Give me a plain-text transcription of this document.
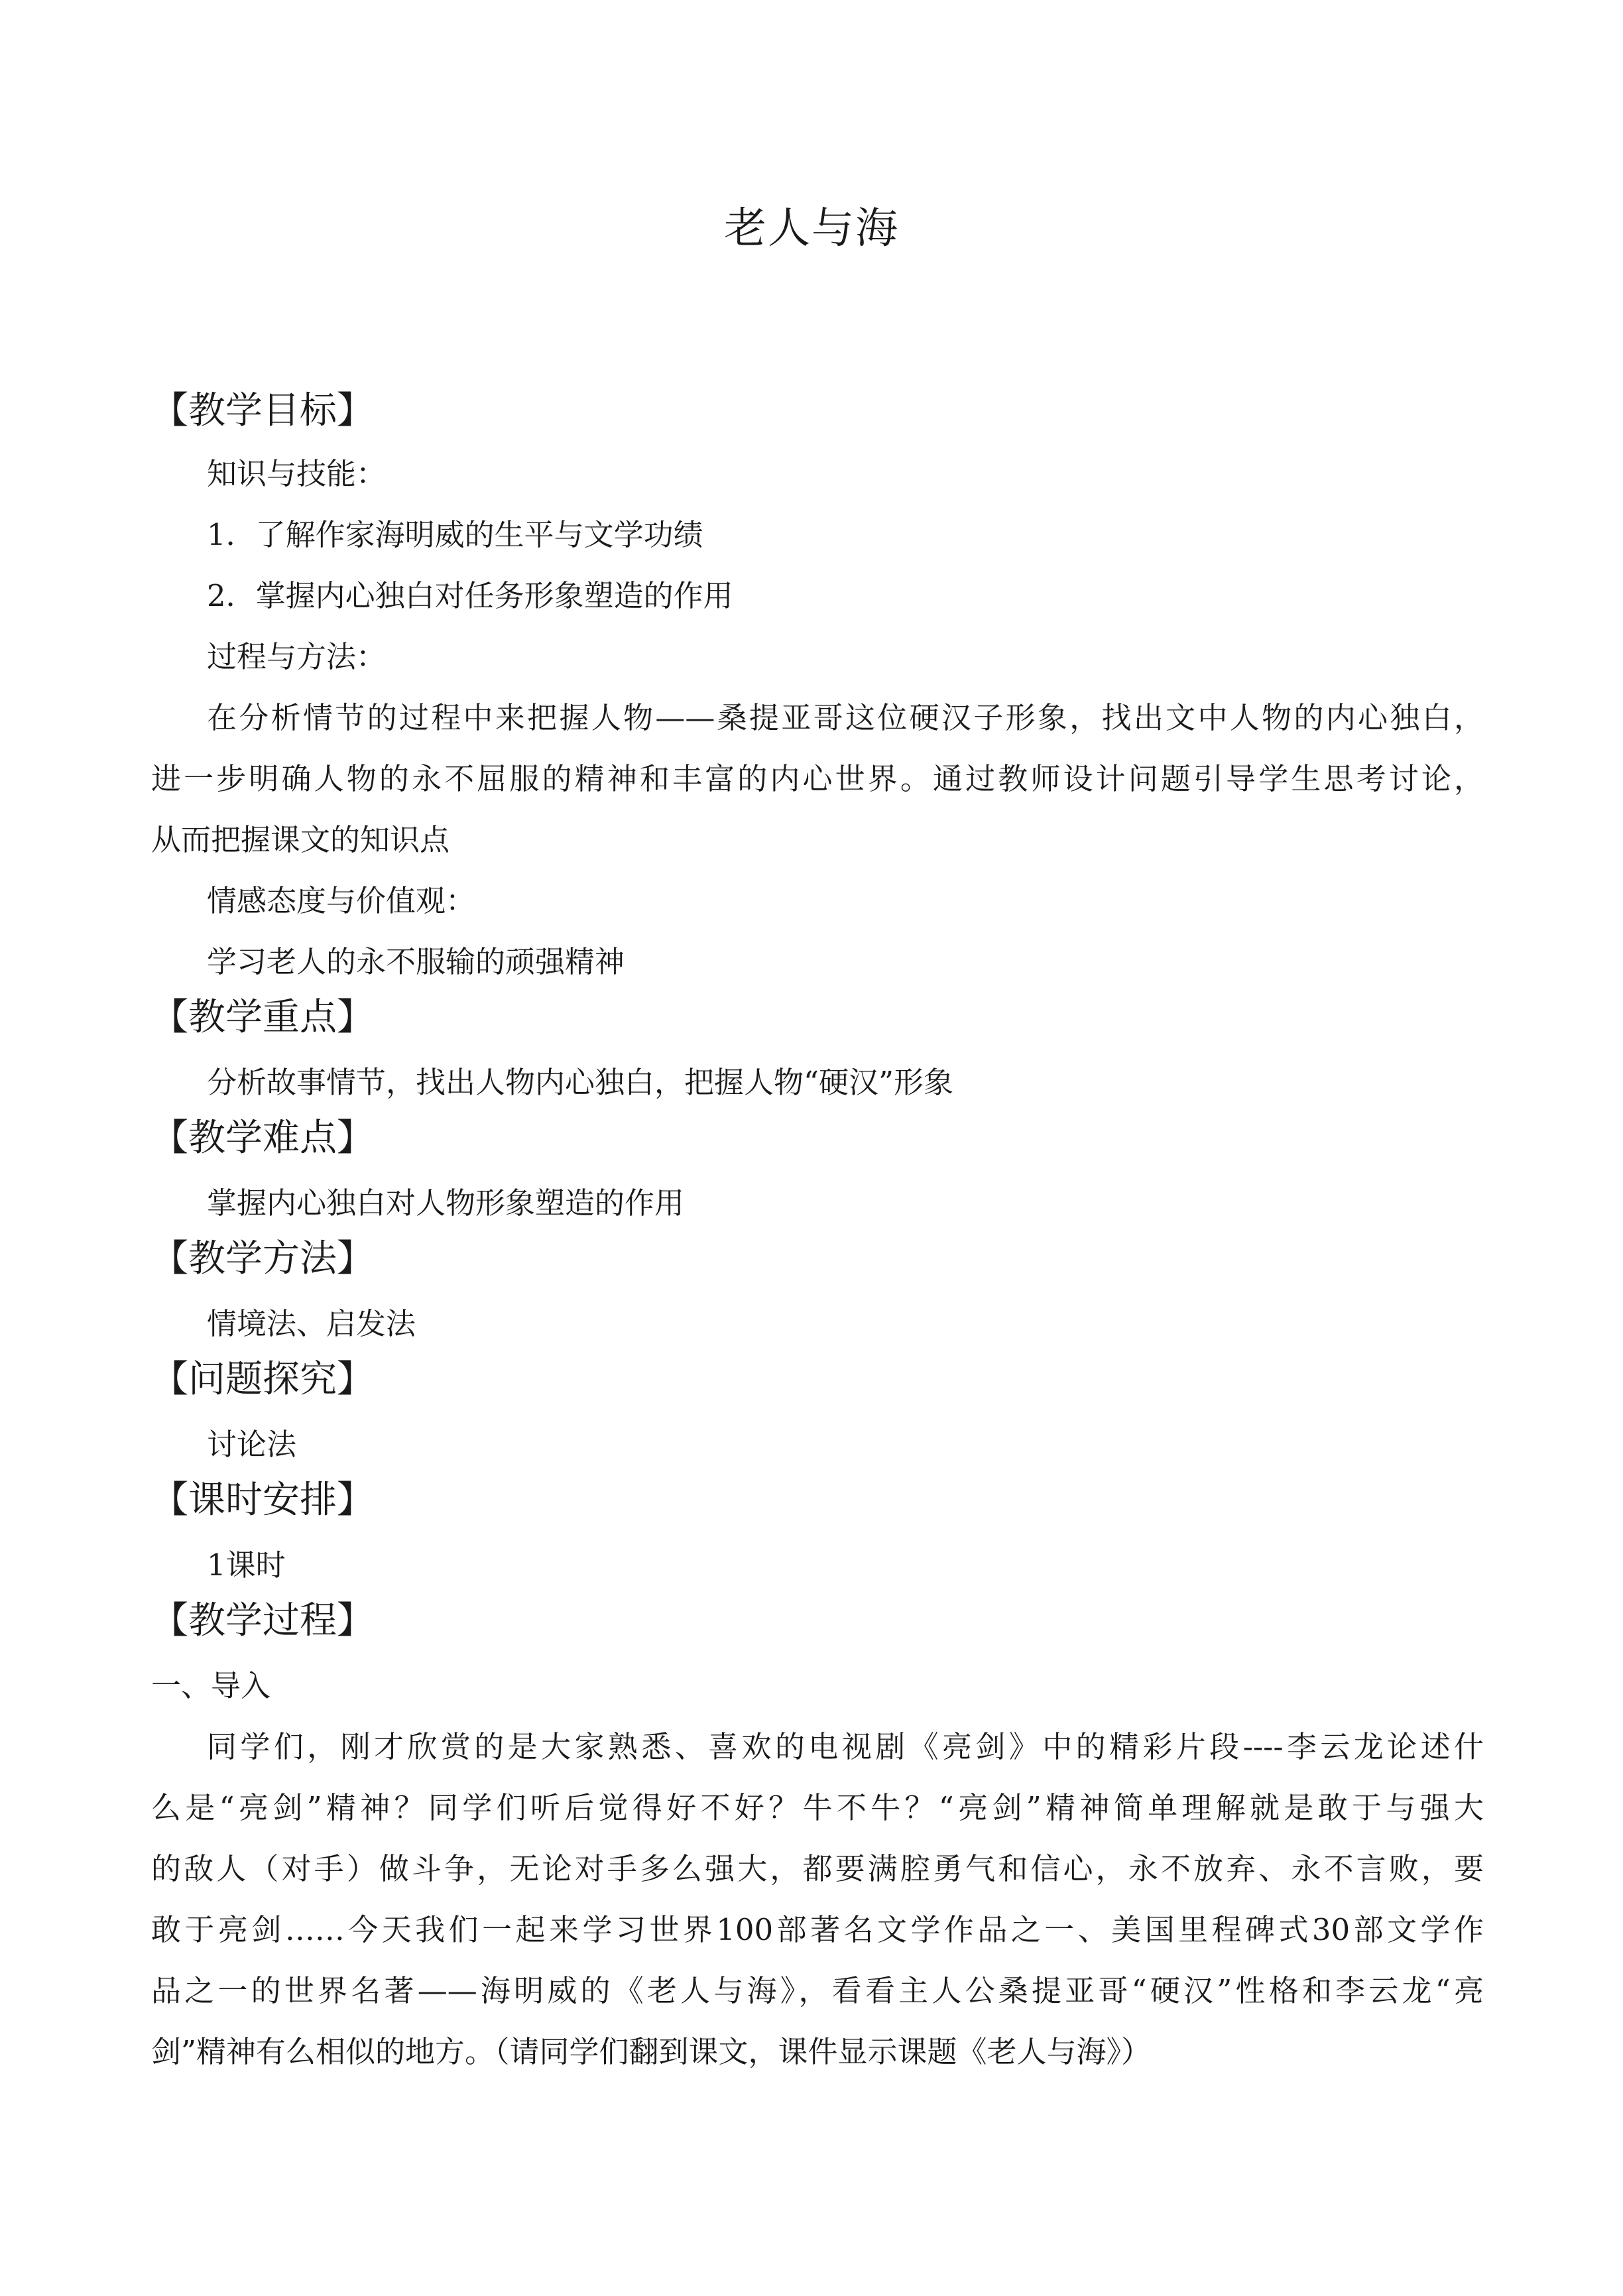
老人与海
【教学目标】
知识与技能：
1．了解作家海明威的生平与文学功绩
2．掌握内心独白对任务形象塑造的作用
过程与方法：
在分析情节的过程中来把握人物——桑提亚哥这位硬汉子形象，找出文中人物的内心独白，
进一步明确人物的永不屈服的精神和丰富的内心世界。通过教师设计问题引导学生思考讨论，
从而把握课文的知识点
情感态度与价值观：
学习老人的永不服输的顽强精神
【教学重点】
分析故事情节，找出人物内心独白，把握人物“硬汉”形象
【教学难点】
掌握内心独白对人物形象塑造的作用
【教学方法】
情境法、启发法
【问题探究】
讨论法
【课时安排】
1课时
【教学过程】
一、导入
同学们，刚才欣赏的是大家熟悉、喜欢的电视剧《亮剑》中的精彩片段----李云龙论述什
么是“亮剑”精神？同学们听后觉得好不好？牛不牛？“亮剑”精神简单理解就是敢于与强大
的敌人（对手）做斗争，无论对手多么强大，都要满腔勇气和信心，永不放弃、永不言败，要
敢于亮剑……今天我们一起来学习世界100部著名文学作品之一、美国里程碑式30部文学作
品之一的世界名著——海明威的《老人与海》，看看主人公桑提亚哥“硬汉”性格和李云龙“亮
剑”精神有么相似的地方。（请同学们翻到课文，课件显示课题《老人与海》）
